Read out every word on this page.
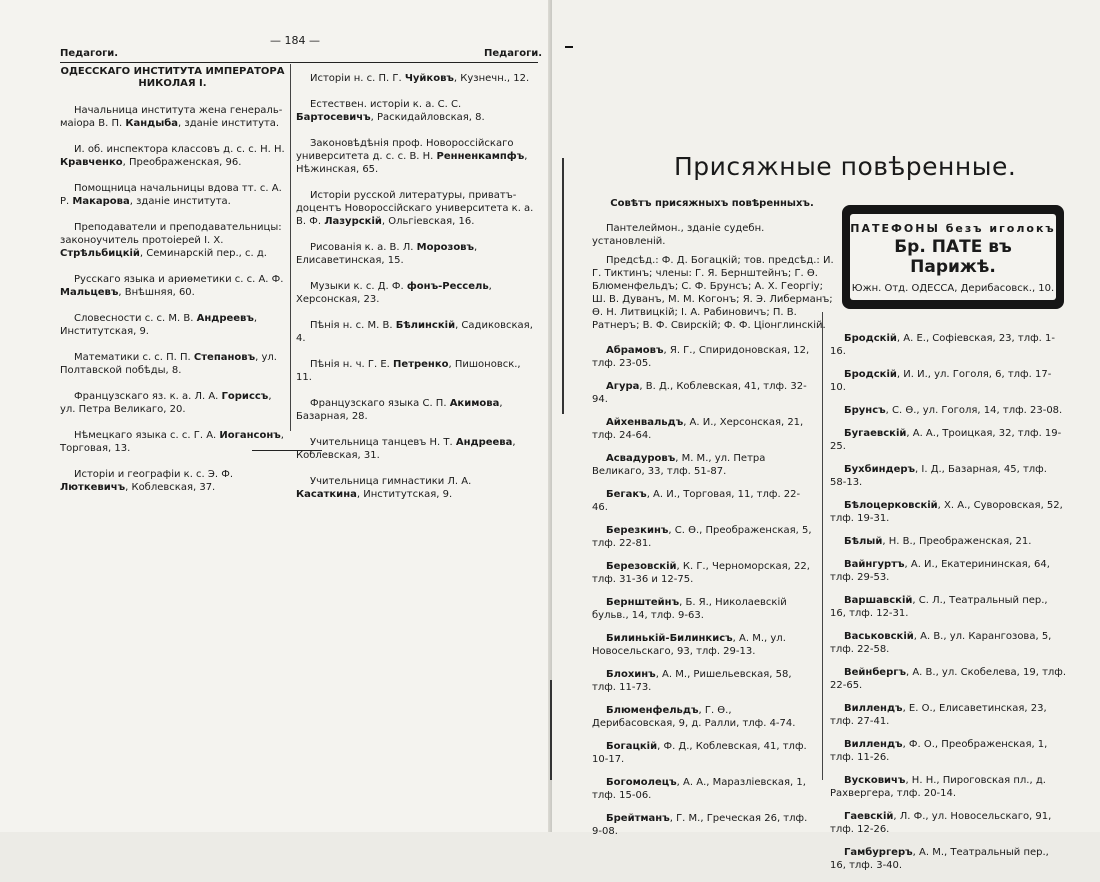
— 184 —
Педагоги.	Педагоги.
ОДЕССКАГО ИНСТИТУТА ИМПЕРАТОРА НИКОЛАЯ I.
Начальница института жена генераль-маiора В. П. Кандыба, зданiе института.
И. об. инспектора классовъ д. с. с. Н. Н. Кравченко, Преображенская, 96.
Помощница начальницы вдова тт. с. А. Р. Макарова, зданiе института.
Преподаватели и преподавательницы: законоучитель протоiерей I. Х. Стрѣльбицкiй, Семинарскiй пер., с. д.
Русскаго языка и ариѳметики с. с. А. Ф. Мальцевъ, Внѣшняя, 60.
Словесности с. с. М. В. Андреевъ, Институтская, 9.
Математики с. с. П. П. Степановъ, ул. Полтавской побѣды, 8.
Французскаго яз. к. а. Л. А. Гориссъ, ул. Петра Великаго, 20.
Нѣмецкаго языка с. с. Г. А. Иогансонъ, Торговая, 13.
Исторiи и географiи к. с. Э. Ф. Люткевичъ, Коблевская, 37.
Исторiи н. с. П. Г. Чуйковъ, Кузнечн., 12.
Естествен. исторiи к. а. С. С. Бартосевичъ, Раскидайловская, 8.
Законовѣдѣнiя проф. Новороссiйскаго университета д. с. с. В. Н. Ренненкампфъ, Нѣжинская, 65.
Исторiи русской литературы, приватъ-доцентъ Новороссiйскаго университета к. а. В. Ф. Лазурскiй, Ольгiевская, 16.
Рисованiя к. а. В. Л. Морозовъ, Елисаветинская, 15.
Музыки к. с. Д. Ф. фонъ-Рессель, Херсонская, 23.
Пѣнiя н. с. М. В. Бѣлинскiй, Садиковская, 4.
Пѣнiя н. ч. Г. Е. Петренко, Пишоновск., 11.
Французскаго языка С. П. Акимова, Базарная, 28.
Учительница танцевъ Н. Т. Андреева, Коблевская, 31.
Учительница гимнастики Л. А. Касаткина, Институтская, 9.
Присяжные повѣренные.
ПАТЕФОНЫ безъ иголокъ
Бр. ПАТЕ въ Парижѣ.
Южн. Отд. ОДЕССА, Дерибасовск., 10.
Совѣтъ присяжныхъ повѣренныхъ.

Пантелеймон., зданiе судебн. установленiй.

Предсѣд.: Ф. Д. Богацкiй; тов. предсѣд.: И. Г. Тиктинъ; члены: Г. Я. Бернштейнъ; Г. Ѳ. Блюменфельдъ; С. Ф. Брунсъ; А. Х. Георгiу; Ш. В. Дуванъ, М. М. Когонъ; Я. Э. Либерманъ; Ѳ. Н. Литвицкiй; I. А. Рабиновичъ; П. В. Ратнеръ; В. Ф. Свирскiй; Ф. Ф. Цiонглинскiй.

Абрамовъ, Я. Г., Спиридоновская, 12, тлф. 23-05.
Агура, В. Д., Коблевская, 41, тлф. 32-94.
Айхенвальдъ, А. И., Херсонская, 21, тлф. 24-64.
Асвадуровъ, М. М., ул. Петра Великаго, 33, тлф. 51-87.
Бегакъ, А. И., Торговая, 11, тлф. 22-46.
Березкинъ, С. Ѳ., Преображенская, 5, тлф. 22-81.
Березовскiй, К. Г., Черноморская, 22, тлф. 31-36 и 12-75.
Бернштейнъ, Б. Я., Николаевскiй бульв., 14, тлф. 9-63.
Билинькiй-Билинкисъ, А. М., ул. Новосельскаго, 93, тлф. 29-13.
Блохинъ, А. М., Ришельевская, 58, тлф. 11-73.
Блюменфельдъ, Г. Ѳ., Дерибасовская, 9, д. Ралли, тлф. 4-74.
Богацкiй, Ф. Д., Коблевская, 41, тлф. 10-17.
Богомолецъ, А. А., Маразлiевская, 1, тлф. 15-06.
Брейтманъ, Г. М., Греческая 26, тлф. 9-08.
Бродскiй, А. Е., Софiевская, 23, тлф. 1-16.
Бродскiй, И. И., ул. Гоголя, 6, тлф. 17-10.
Брунсъ, С. Ѳ., ул. Гоголя, 14, тлф. 23-08.
Бугаевскiй, А. А., Троицкая, 32, тлф. 19-25.
Бухбиндеръ, I. Д., Базарная, 45, тлф. 58-13.
Бѣлоцерковскiй, Х. А., Суворовская, 52, тлф. 19-31.
Бѣлый, Н. В., Преображенская, 21.
Вайнгуртъ, А. И., Екатерининская, 64, тлф. 29-53.
Варшавскiй, С. Л., Театральный пер., 16, тлф. 12-31.
Васьковскiй, А. В., ул. Карангозова, 5, тлф. 22-58.
Вейнбергъ, А. В., ул. Скобелева, 19, тлф. 22-65.
Виллендъ, Е. О., Елисаветинская, 23, тлф. 27-41.
Виллендъ, Ф. О., Преображенская, 1, тлф. 11-26.
Вусковичъ, Н. Н., Пироговская пл., д. Рахвергера, тлф. 20-14.
Гаевскiй, Л. Ф., ул. Новосельскаго, 91, тлф. 12-26.
Гамбургеръ, А. М., Театральный пер., 16, тлф. 3-40.
